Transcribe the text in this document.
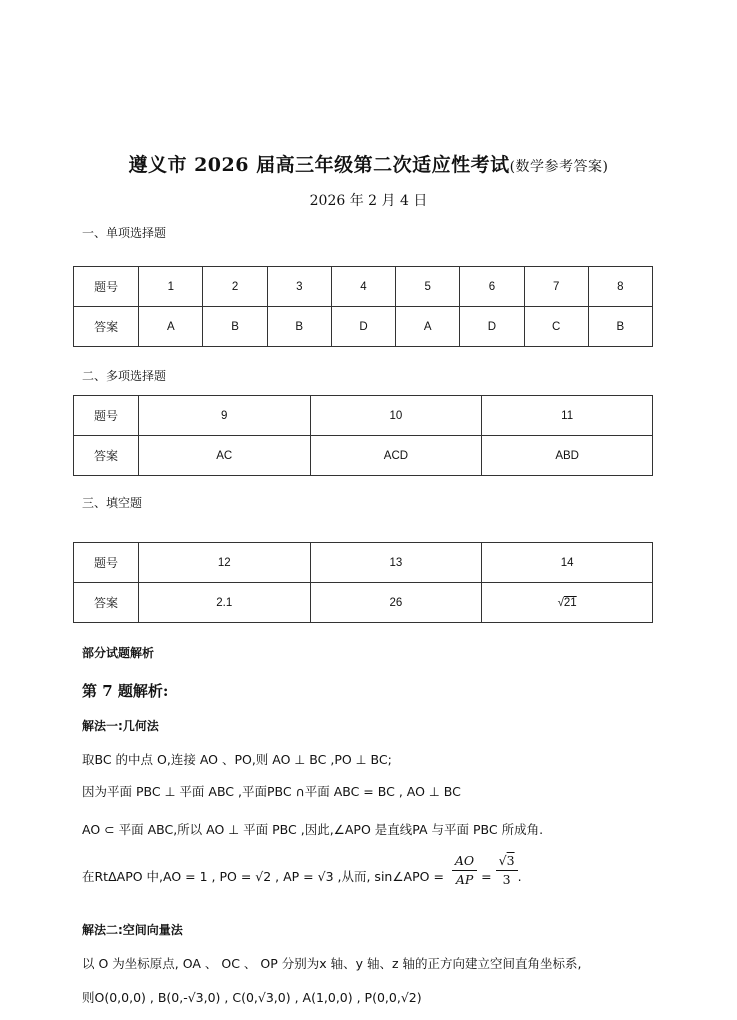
遵义市 2026 届高三年级第二次适应性考试(数学参考答案)
2026 年 2 月 4 日
一、单项选择题
题号	1	2	3	4	5	6	7	8
答案	A	B	B	D	A	D	C	B
二、多项选择题
题号	9	10	11
答案	AC	ACD	ABD
三、填空题
题号	12	13	14
答案	2.1	26	√21
部分试题解析
第 7 题解析:
解法一:几何法
取BC 的中点 O,连接 AO 、PO,则 AO ⊥ BC ,PO ⊥ BC;
因为平面 PBC ⊥ 平面 ABC ,平面PBC ∩平面 ABC = BC , AO ⊥ BC
AO ⊂ 平面 ABC,所以 AO ⊥ 平面 PBC ,因此,∠APO 是直线PA 与平面 PBC 所成角.
在RtΔAPO 中,AO = 1 , PO = √2 , AP = √3 ,从而, sin∠APO = $\frac{AO}{AP} = \frac{√3}{3}$ .
解法二:空间向量法
以 O 为坐标原点, OA 、 OC 、 OP 分别为x 轴、y 轴、z 轴的正方向建立空间直角坐标系,
则O(0,0,0) , B(0,-√3,0) , C(0,√3,0) , A(1,0,0) , P(0,0,√2)
